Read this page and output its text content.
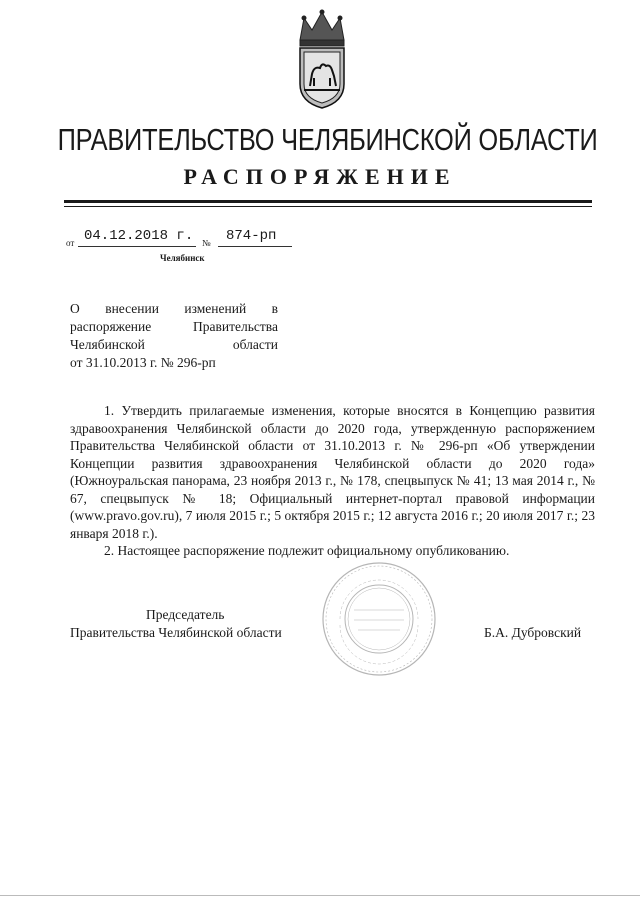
ПРАВИТЕЛЬСТВО ЧЕЛЯБИНСКОЙ ОБЛАСТИ
РАСПОРЯЖЕНИЕ
от 04.12.2018 г. № 874-рп
Челябинск
О внесении изменений в
распоряжение Правительства
Челябинской области
от 31.10.2013 г. № 296-рп

1. Утвердить прилагаемые изменения, которые вносятся в Концепцию развития здравоохранения Челябинской области до 2020 года, утвержденную распоряжением Правительства Челябинской области от 31.10.2013 г. № 296-рп «Об утверждении Концепции развития здравоохранения Челябинской области до 2020 года» (Южноуральская панорама, 23 ноября 2013 г., № 178, спецвыпуск № 41; 13 мая 2014 г., № 67, спецвыпуск № 18; Официальный интернет-портал правовой информации (www.pravo.gov.ru), 7 июля 2015 г.; 5 октября 2015 г.; 12 августа 2016 г.; 20 июля 2017 г.; 23 января 2018 г.).

2. Настоящее распоряжение подлежит официальному опубликованию.

Председатель
Правительства Челябинской области	Б.А. Дубровский
